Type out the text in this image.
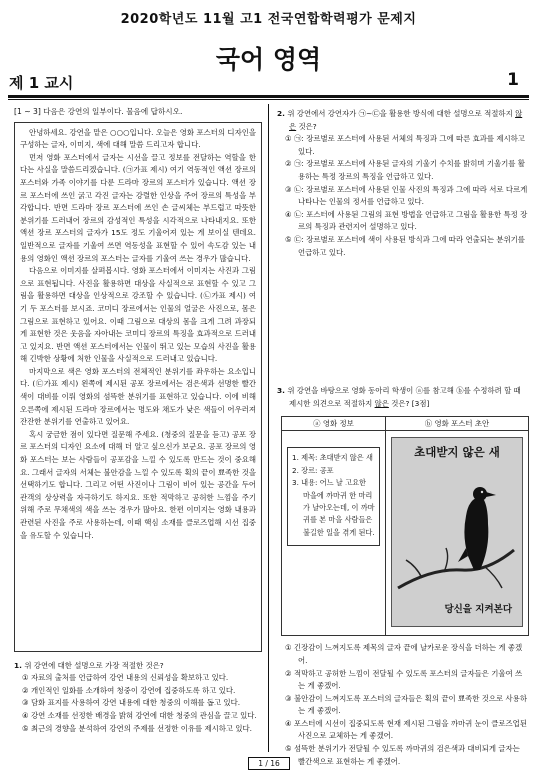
2020학년도 11월 고1 전국연합학력평가 문제지
국어 영역
제 1 교시	1
[1 ~ 3] 다음은 강연의 일부이다. 물음에 답하시오.

안녕하세요. 강연을 맡은 ○○○입니다. 오늘은 영화 포스터의 디자인을 구성하는 글자, 이미지, 색에 대해 말씀 드리고자 합니다.

먼저 영화 포스터에서 글자는 시선을 끌고 정보를 전달하는 역할을 한다는 사실을 말씀드리겠습니다. (㉠가표 제시) 여기 역동적인 액션 장르의 포스터와 가족 이야기를 다룬 드라마 장르의 포스터가 있습니다. 액션 장르 포스터에 쓰인 굵고 각진 글자는 강렬한 인상을 주어 장르의 특성을 부각합니다. 반면 드라마 장르 포스터에 쓰인 손 글씨체는 부드럽고 따뜻한 분위기를 드러내어 장르의 감성적인 특성을 시각적으로 나타내지요. 또한 액션 장르 포스터의 글자가 15도 정도 기울어져 있는 게 보이실 텐데요. 일반적으로 글자를 기울여 쓰면 역동성을 표현할 수 있어 속도감 있는 내용의 영화인 액션 장르의 포스터는 글자를 기울여 쓰는 경우가 많습니다.

다음으로 이미지를 살펴봅시다. 영화 포스터에서 이미지는 사진과 그림으로 표현됩니다. 사진을 활용하면 대상을 사실적으로 표현할 수 있고 그림을 활용하면 대상을 인상적으로 강조할 수 있습니다. (㉡가표 제시) 여기 두 포스터를 보시죠. 코미디 장르에서는 인물의 얼굴은 사진으로, 몸은 그림으로 표현하고 있어요. 이때 그림으로 대상의 몸을 크게 그려 과장되게 표현한 것은 웃음을 자아내는 코미디 장르의 특징을 효과적으로 드러내고 있지요. 반면 액션 포스터에서는 인물이 뛰고 있는 모습의 사진을 활용해 긴박한 상황에 처한 인물을 사실적으로 드러내고 있습니다.

마지막으로 색은 영화 포스터의 전체적인 분위기를 좌우하는 요소입니다. (㉢가표 제시) 왼쪽에 제시된 공포 장르에서는 검은색과 선명한 빨간색이 대비를 이뤄 영화의 섬뜩한 분위기를 표현하고 있습니다. 이에 비해 오른쪽에 제시된 드라마 장르에서는 명도와 채도가 낮은 색들이 어우러져 잔잔한 분위기를 연출하고 있어요.

혹시 궁금한 점이 있다면 질문해 주세요. (청중의 질문을 듣고) 공포 장르 포스터의 디자인 요소에 대해 더 알고 싶으신가 보군요. 공포 장르의 영화 포스터는 보는 사람들이 공포감을 느낄 수 있도록 만드는 것이 중요해요. 그래서 글자의 서체는 불안감을 느낄 수 있도록 획의 끝이 뾰족한 것을 선택하기도 합니다. 그리고 어떤 사진이나 그림이 비어 있는 공간을 두어 관객의 상상력을 자극하기도 하지요. 또한 적막하고 공허한 느낌을 주기 위해 주로 무채색의 색을 쓰는 경우가 많아요. 한편 이미지는 영화 내용과 관련된 사진을 주로 사용하는데, 이때 핵심 소재를 클로즈업해 시선 집중을 유도할 수 있습니다.

1. 위 강연에 대한 설명으로 가장 적절한 것은?
① 자료의 출처를 언급하여 강연 내용의 신뢰성을 확보하고 있다.
② 개인적인 일화를 소개하여 청중이 강연에 집중하도록 하고 있다.
③ 담화 표지를 사용하여 강연 내용에 대한 청중의 이해를 돕고 있다.
④ 강연 소재를 선정한 배경을 밝혀 강연에 대한 청중의 관심을 끌고 있다.
⑤ 최근의 경향을 분석하여 강연의 주제를 선정한 이유를 제시하고 있다.
2. 위 강연에서 강연자가 ㉠~㉢을 활용한 방식에 대한 설명으로 적절하지 않은 것은?
① ㉠: 장르별로 포스터에 사용된 서체의 특징과 그에 따른 효과를 제시하고 있다.
② ㉠: 장르별로 포스터에 사용된 글자의 기울기 수치를 밝히며 기울기를 활용하는 특정 장르의 특징을 언급하고 있다.
③ ㉡: 장르별로 포스터에 사용된 인물 사진의 특징과 그에 따라 서로 다르게 나타나는 인물의 정서를 언급하고 있다.
④ ㉡: 포스터에 사용된 그림의 표현 방법을 언급하고 그림을 활용한 특정 장르의 특징과 관련지어 설명하고 있다.
⑤ ㉢: 장르별로 포스터에 색이 사용된 방식과 그에 따라 연출되는 분위기를 언급하고 있다.
3. 위 강연을 바탕으로 영화 동아리 학생이 ⓐ를 참고해 ⓑ를 수정하려 할 때 제시한 의견으로 적절하지 않은 것은? [3점]
ⓐ 영화 정보
1. 제목: 초대받지 않은 새
2. 장르: 공포
3. 내용: 어느 날 고요한 마을에 까마귀 한 마리가 날아오는데, 이 까마귀를 본 마을 사람들은 불길한 일을 겪게 된다.
ⓑ 영화 포스터 초안
초대받지 않은 새
당신을 지켜본다
① 긴장감이 느껴지도록 제목의 글자 끝에 날카로운 장식을 더하는 게 좋겠어.
② 적막하고 공허한 느낌이 전달될 수 있도록 포스터의 글자들은 기울여 쓰는 게 좋겠어.
③ 불안감이 느껴지도록 포스터의 글자들은 획의 끝이 뾰족한 것으로 사용하는 게 좋겠어.
④ 포스터에 시선이 집중되도록 현재 제시된 그림을 까마귀 눈이 클로즈업된 사진으로 교체하는 게 좋겠어.
⑤ 섬뜩한 분위기가 전달될 수 있도록 까마귀의 검은색과 대비되게 글자는 빨간색으로 표현하는 게 좋겠어.
1 / 16
